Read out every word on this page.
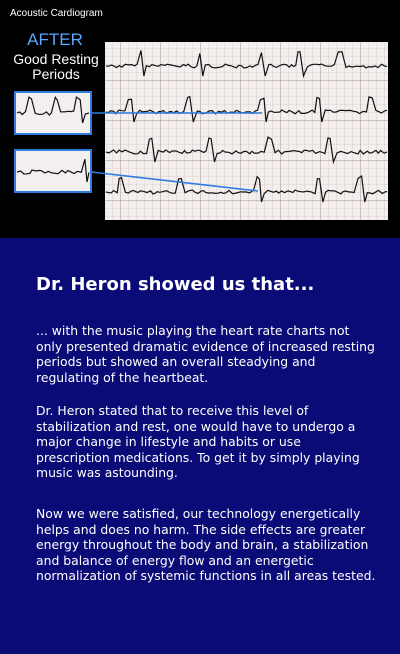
Acoustic Cardiogram
AFTER
Good Resting Periods
Dr. Heron showed us that...

... with the music playing the heart rate charts not only presented dramatic evidence of increased resting periods but showed an overall steadying and regulating of the heartbeat.

Dr. Heron stated that to receive this level of stabilization and rest, one would have to undergo a major change in lifestyle and habits or use prescription medications. To get it by simply playing music was astounding.

Now we were satisfied, our technology energetically helps and does no harm. The side effects are greater energy throughout the body and brain, a stabilization and balance of energy flow and an energetic normalization of systemic functions in all areas tested.
